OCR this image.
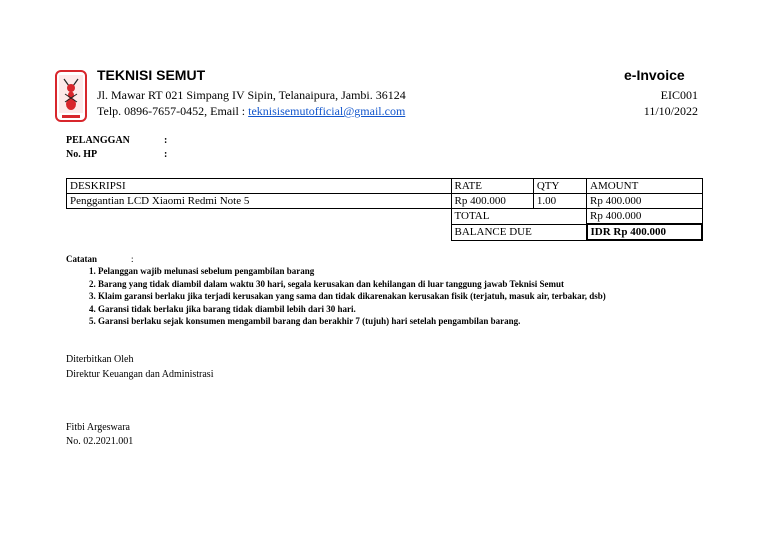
TEKNISI SEMUT
Jl. Mawar RT 021 Simpang IV Sipin, Telanaipura, Jambi. 36124
Telp. 0896-7657-0452, Email : teknisisemutofficial@gmail.com
e-Invoice
EIC001
11/10/2022
PELANGGAN	:
No. HP	:
DESKRIPSI	RATE	QTY	AMOUNT
Penggantian LCD Xiaomi Redmi Note 5	Rp 400.000	1.00	Rp 400.000
	TOTAL		Rp 400.000
	BALANCE DUE		IDR Rp 400.000
Catatan	:
1. Pelanggan wajib melunasi sebelum pengambilan barang
2. Barang yang tidak diambil dalam waktu 30 hari, segala kerusakan dan kehilangan di luar tanggung jawab Teknisi Semut
3. Klaim garansi berlaku jika terjadi kerusakan yang sama dan tidak dikarenakan kerusakan fisik (terjatuh, masuk air, terbakar, dsb)
4. Garansi tidak berlaku jika barang tidak diambil lebih dari 30 hari.
5. Garansi berlaku sejak konsumen mengambil barang dan berakhir 7 (tujuh) hari setelah pengambilan barang.
Diterbitkan Oleh
Direktur Keuangan dan Administrasi
Fitbi Argeswara
No. 02.2021.001
